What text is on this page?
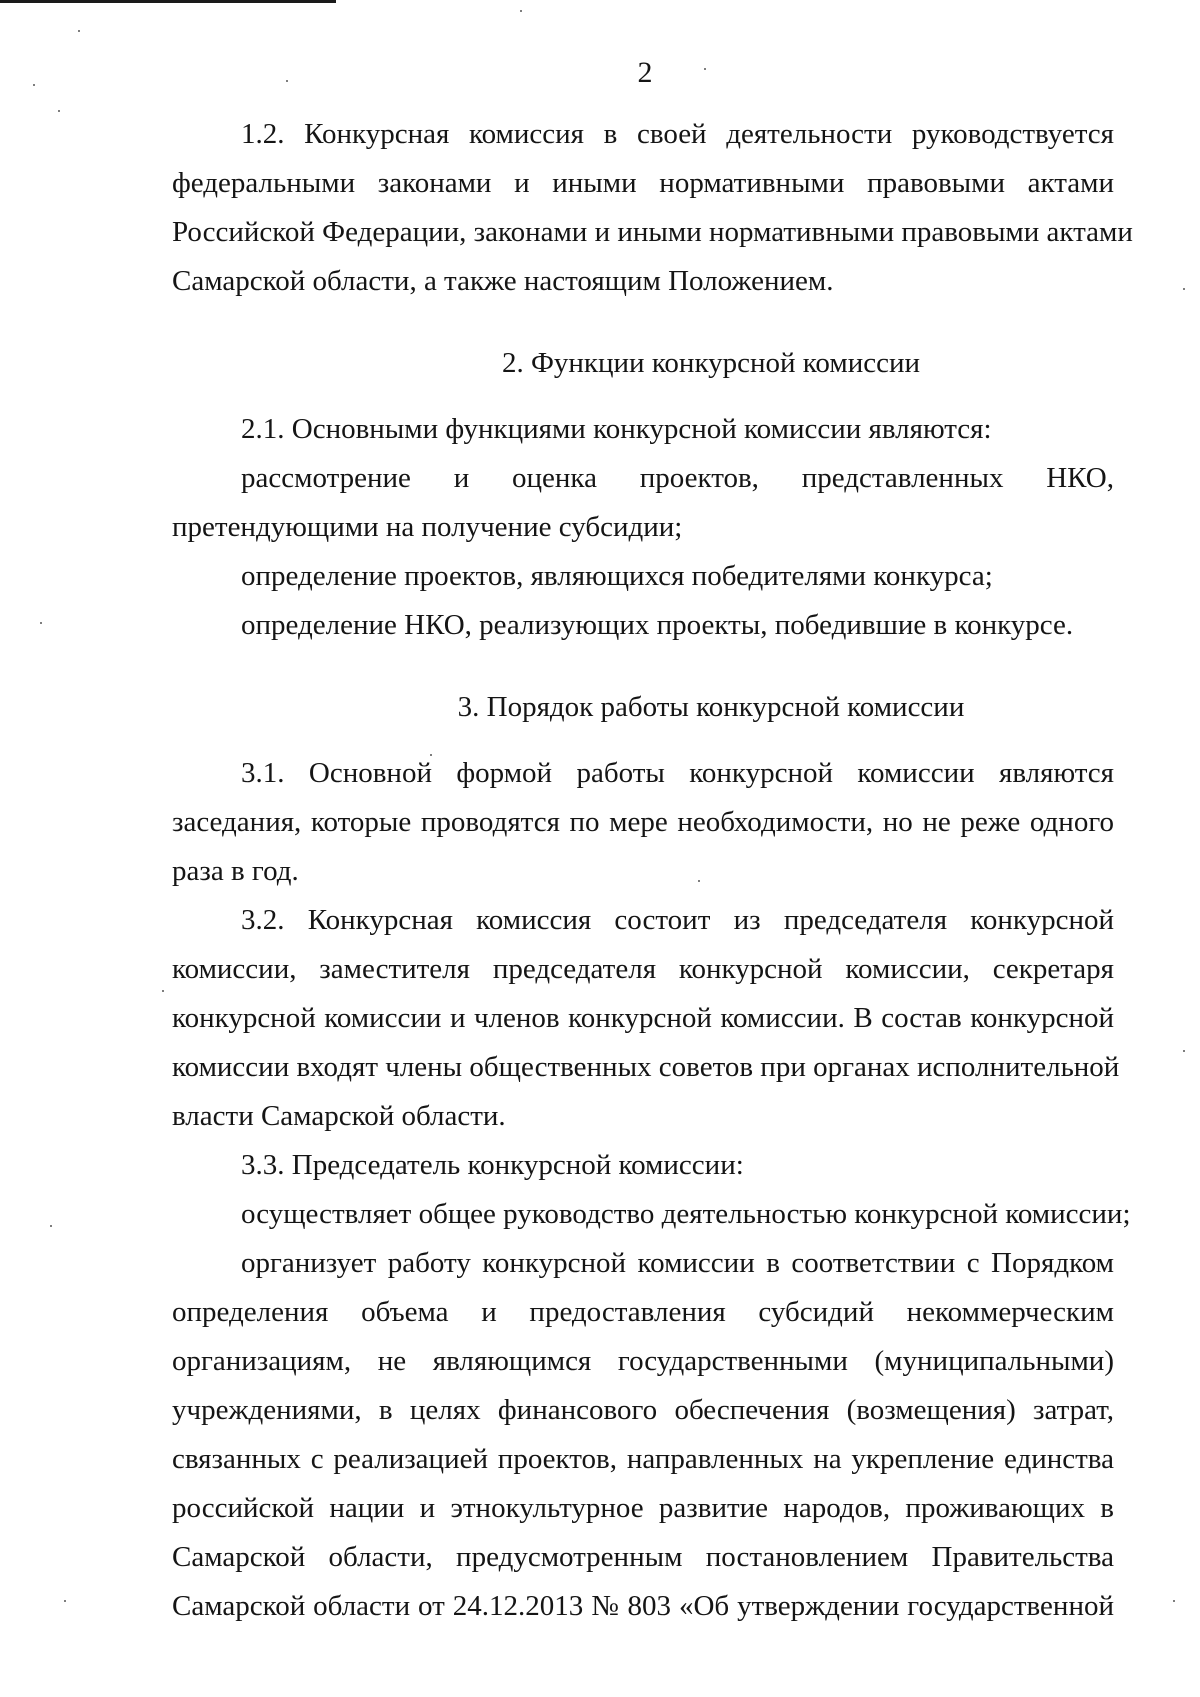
2
1.2. Конкурсная комиссия в своей деятельности руководствуется
федеральными законами и иными нормативными правовыми актами
Российской Федерации, законами и иными нормативными правовыми актами
Самарской области, а также настоящим Положением.
2. Функции конкурсной комиссии
2.1. Основными функциями конкурсной комиссии являются:
рассмотрение и оценка проектов, представленных НКО,
претендующими на получение субсидии;
определение проектов, являющихся победителями конкурса;
определение НКО, реализующих проекты, победившие в конкурсе.
3. Порядок работы конкурсной комиссии
3.1. Основной формой работы конкурсной комиссии являются
заседания, которые проводятся по мере необходимости, но не реже одного
раза в год.
3.2. Конкурсная комиссия состоит из председателя конкурсной
комиссии, заместителя председателя конкурсной комиссии, секретаря
конкурсной комиссии и членов конкурсной комиссии. В состав конкурсной
комиссии входят члены общественных советов при органах исполнительной
власти Самарской области.
3.3. Председатель конкурсной комиссии:
осуществляет общее руководство деятельностью конкурсной комиссии;
организует работу конкурсной комиссии в соответствии с Порядком
определения объема и предоставления субсидий некоммерческим
организациям, не являющимся государственными (муниципальными)
учреждениями, в целях финансового обеспечения (возмещения) затрат,
связанных с реализацией проектов, направленных на укрепление единства
российской нации и этнокультурное развитие народов, проживающих в
Самарской области, предусмотренным постановлением Правительства
Самарской области от 24.12.2013 № 803 «Об утверждении государственной
